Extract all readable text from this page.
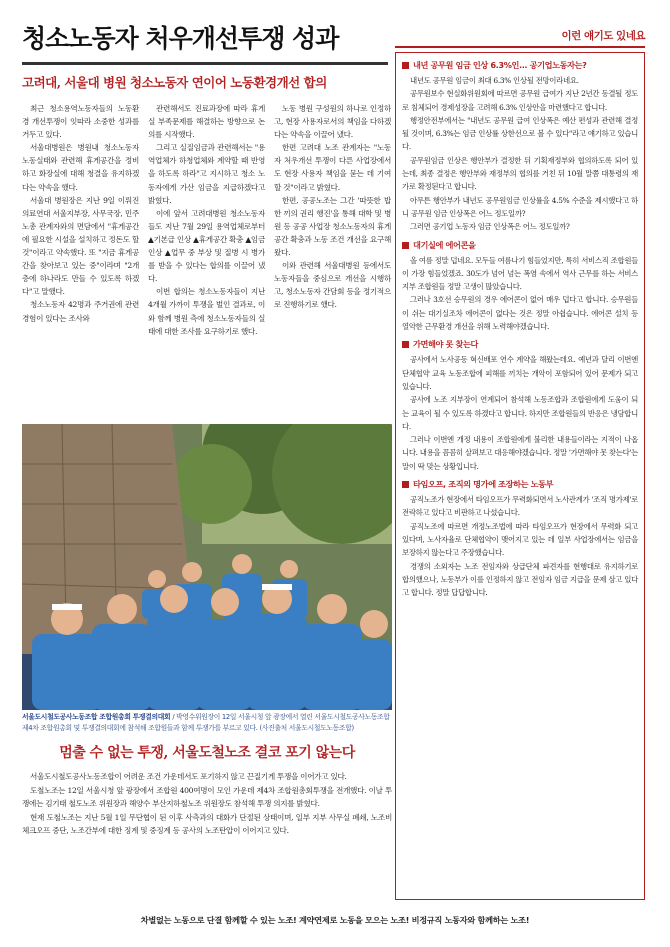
청소노동자 처우개선투쟁 성과
고려대, 서울대 병원 청소노동자 연이어 노동환경개선 합의

최근 청소용역노동자들의 노동환경 개선투쟁이 잇따라 소중한 성과를 거두고 있다.

서울대병원은 병원내 청소노동자 노동실태와 관련해 휴게공간을 정비하고 화장실에 대해 청결을 유지하겠다는 약속을 했다.

서울대 병원장은 지난 9일 이뤄진 의료연대 서울지부장, 사무국장, 민주노총 관계자와의 면담에서 "휴게공간에 필요한 시설을 설치하고 정돈도 할 것"이라고 약속했다. 또 "지금 휴게공간을 찾아보고 있는 중"이라며 "2개 층에 하나라도 만들 수 있도록 하겠다"고 말했다.

청소노동자 42명과 주거권에 관련 경험이 있다는 조사와

관련해서도 진료과장에 따라 휴게실 부족문제를 해결하는 방향으로 논의를 시작했다.

그리고 실질임금과 관련해서는 "용역업체가 하청업체와 계약할 때 반영을 하도록 하라"고 지시하고 청소 노동자에게 가산 임금을 지급하겠다고 밝혔다.

이에 앞서 고려대병원 청소노동자들도 지난 7월 29일 용역업체로부터 ▲기본급 인상 ▲휴게공간 확충 ▲임금 인상 ▲업무 중 부상 및 질병 시 병가를 받을 수 있다는 합의를 이끌어 냈다.

이번 합의는 청소노동자들이 지난 4개월 가까이 투쟁을 벌인 결과로, 이와 함께 병원 측에 청소노동자들의 실태에 대한 조사를 요구하기로 했다.

노동 병원 구성원의 하나로 인정하고, 현장 사용자로서의 책임을 다하겠다는 약속을 이끌어 냈다.

한편 고려대 노조 관계자는 "노동자 처우개선 투쟁이 다른 사업장에서도 현장 사용자 책임을 묻는 데 기여할 것"이라고 밝혔다.

한편, 공공노조는 그간 '따뜻한 밥 한 끼의 권리 행진'을 통해 대학 및 병원 등 공공 사업장 청소노동자의 휴게 공간 확충과 노동 조건 개선을 요구해 왔다.

이와 관련해 서울대병원 등에서도 노동자들을 중심으로 개선을 시행하고, 청소노동자 간담회 등을 정기적으로 진행하기로 했다.

서울도시철도공사노동조합 조합원총회 투쟁결의대회 / 박영수위원장이 12일 서울시청 앞 광장에서 열린 서울도시철도공사노동조합 제4차 조합원총회 및 투쟁결의대회에 참석해 조합원들과 함께 투쟁가를 부르고 있다. (사진출처 서울도시철도노동조합)
멈출 수 없는 투쟁, 서울도철노조 결코 포기 않는다

서울도시철도공사노동조합이 어려운 조건 가운데서도 포기하지 않고 끈질기게 투쟁을 이어가고 있다.

도철노조는 12일 서울시청 앞 광장에서 조합원 400여명이 모인 가운데 제4차 조합원총회투쟁을 전개했다. 이날 투쟁에는 김기태 철도노조 위원장과 해양수 부산지하철노조 위원장도 참석해 투쟁 의지를 밝혔다.

현재 도철노조는 지난 5월 1일 무단협이 된 이후 사측과의 대화가 단절된 상태이며, 일부 지부 사무실 폐쇄, 노조비 체크오프 중단, 노조간부에 대한 징계 및 중징계 등 공사의 노조탄압이 이어지고 있다.

이런 얘기도 있네요
내년 공무원 임금 인상 6.3%인... 공기업노동자는?

내년도 공무원 임금이 최대 6.3% 인상될 전망이라네요.

공무원보수 현실화위원회에 따르면 공무원 급여가 지난 2년간 동결될 정도로 침체되어 경제성장을 고려해 6.3% 인상안을 마련했다고 합니다.

행정안전부에서는 "내년도 공무원 급여 인상폭은 예산 편성과 관련해 결정될 것이며, 6.3%는 임금 인상률 상한선으로 볼 수 있다"라고 얘기하고 있습니다.

공무원임금 인상은 행안부가 결정한 뒤 기획재정부와 협의하도록 되어 있는데, 최종 결정은 행안부와 재정부의 협의를 거친 뒤 10월 말쯤 대통령의 재가로 확정된다고 합니다.

아무튼 행안부가 내년도 공무원임금 인상률을 4.5% 수준을 제시했다고 하니 공무원 임금 인상폭은 어느 정도일까?

그러면 공기업 노동자 임금 인상폭은 어느 정도일까?

대기실에 에어콘을

올 여름 정말 덥네요. 모두들 여름나기 힘들었지만, 특히 서비스직 조합원들이 가장 힘들었겠죠. 30도가 넘어 넘는 폭염 속에서 역사 근무를 하는 서비스지부 조합원들 정말 고생이 많았습니다.

그러나 3호선 승무원의 경우 에어콘이 없어 매우 덥다고 합니다. 승무원들이 쉬는 대기실조차 에어콘이 없다는 것은 정말 아쉽습니다. 에어콘 설치 등 열악한 근무환경 개선을 위해 노력해야겠습니다.

가면해야 못 찾는다

공사에서 노사공동 혁신배포 연수 계약을 해왔는데요. 예년과 달리 이번엔 단체협약 교육 노동조합에 피해를 끼치는 개악이 포함되어 있어 문제가 되고 있습니다.

공사에 노조 지부장이 연계되어 참석해 노동조합과 조합원에게 도움이 되는 교육이 될 수 있도록 하겠다고 합니다. 하지만 조합원들의 반응은 냉담합니다.

그러나 이번엔 개정 내용이 조합원에게 불리한 내용들이라는 지적이 나옵니다. 내용을 꼼꼼히 살펴보고 대응해야겠습니다. 정말 '가면해야 못 찾는다'는 말이 딱 맞는 상황입니다.

타임오프, 조직의 명가에 조장하는 노동부

공직노조가 현장에서 타임오프가 무력화되면서 노사관계가 '조직 명가제'로 전락하고 있다고 비판하고 나섰습니다.

공직노조에 따르면 개정노조법에 따라 타임오프가 현장에서 무력화 되고 있다며, 노사자율로 단체협약이 맺어지고 있는 데 일부 사업장에서는 임금을 보장하지 않는다고 주장했습니다.

경쟁의 소외자는 노조 전임자와 상급단체 파견자를 현행대로 유지하기로 합의했으나, 노동부가 이를 인정하지 않고 전임자 임금 지급을 문제 삼고 있다고 합니다. 정말 답답합니다.

차별없는 노동으로 단결 함께할 수 있는 노조! 계약연제로 노동을 모으는 노조! 비정규직 노동자와 함께하는 노조!
